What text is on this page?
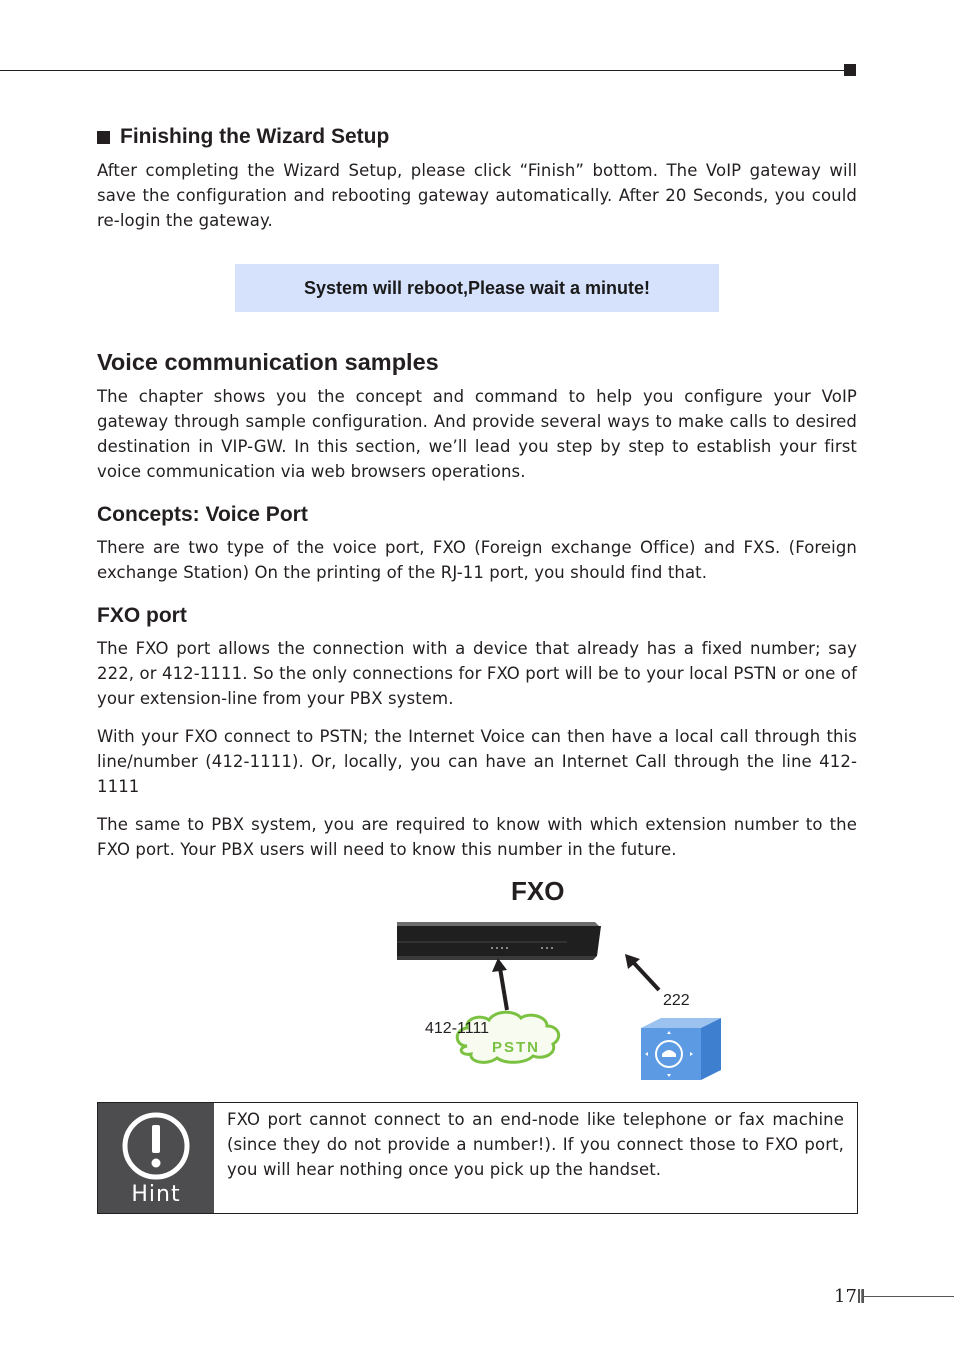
Finishing the Wizard Setup

After completing the Wizard Setup, please click “Finish” bottom. The VoIP gateway will save the configuration and rebooting gateway automatically. After 20 Seconds, you could re-login the gateway.

System will reboot,Please wait a minute!
Voice communication samples

The chapter shows you the concept and command to help you configure your VoIP gateway through sample configuration. And provide several ways to make calls to desired destination in VIP-GW. In this section, we’ll lead you step by step to establish your first voice communication via web browsers operations.

Concepts: Voice Port

There are two type of the voice port, FXO (Foreign exchange Office) and FXS. (Foreign exchange Station) On the printing of the RJ-11 port, you should find that.

FXO port

The FXO port allows the connection with a device that already has a fixed number; say 222, or 412-1111. So the only connections for FXO port will be to your local PSTN or one of your extension-line from your PBX system.

With your FXO connect to PSTN; the Internet Voice can then have a local call through this line/number (412-1111). Or, locally, you can have an Internet Call through the line 412-1111

The same to PBX system, you are required to know with which extension number to the FXO port. Your PBX users will need to know this number in the future.

FXO
PSTN
222
412-1111
Hint

FXO port cannot connect to an end-node like telephone or fax machine (since they do not provide a number!). If you connect those to FXO port, you will hear nothing once you pick up the handset.

17
